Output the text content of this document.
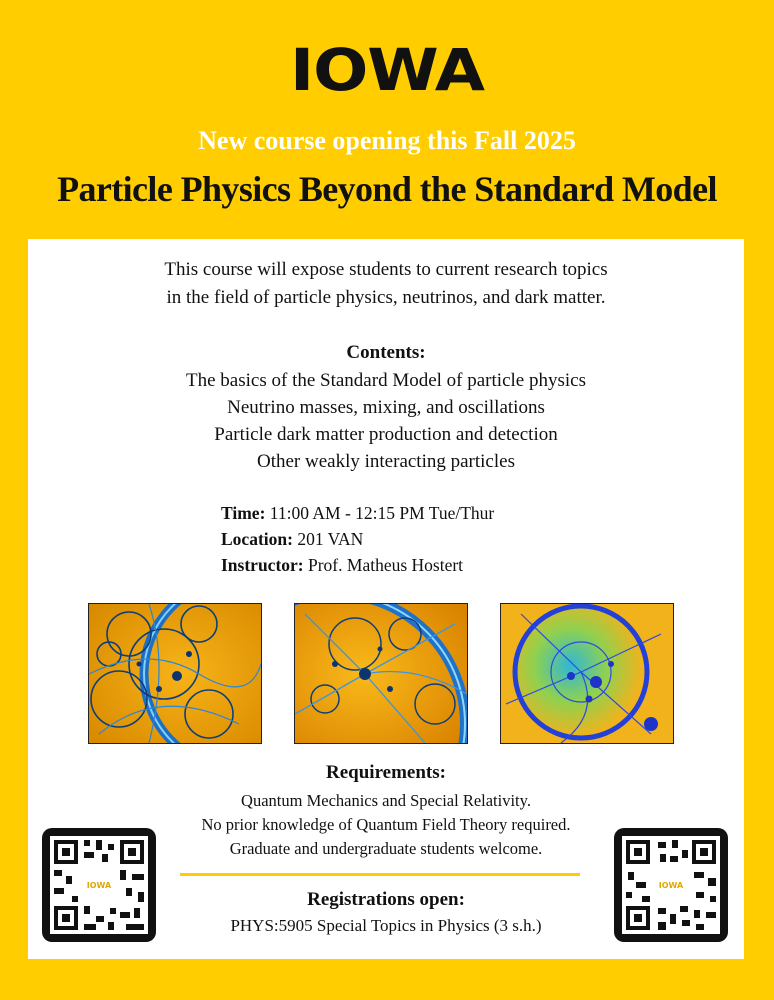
IOWA
New course opening this Fall 2025
Particle Physics Beyond the Standard Model
This course will expose students to current research topics
in the field of particle physics, neutrinos, and dark matter.
Contents:
The basics of the Standard Model of particle physics
Neutrino masses, mixing, and oscillations
Particle dark matter production and detection
Other weakly interacting particles
Time: 11:00 AM - 12:15 PM Tue/Thur
Location: 201 VAN
Instructor: Prof. Matheus Hostert
Requirements:
Quantum Mechanics and Special Relativity.
No prior knowledge of Quantum Field Theory required.
Graduate and undergraduate students welcome.
Registrations open:
PHYS:5905 Special Topics in Physics (3 s.h.)
IOWA	IOWA
